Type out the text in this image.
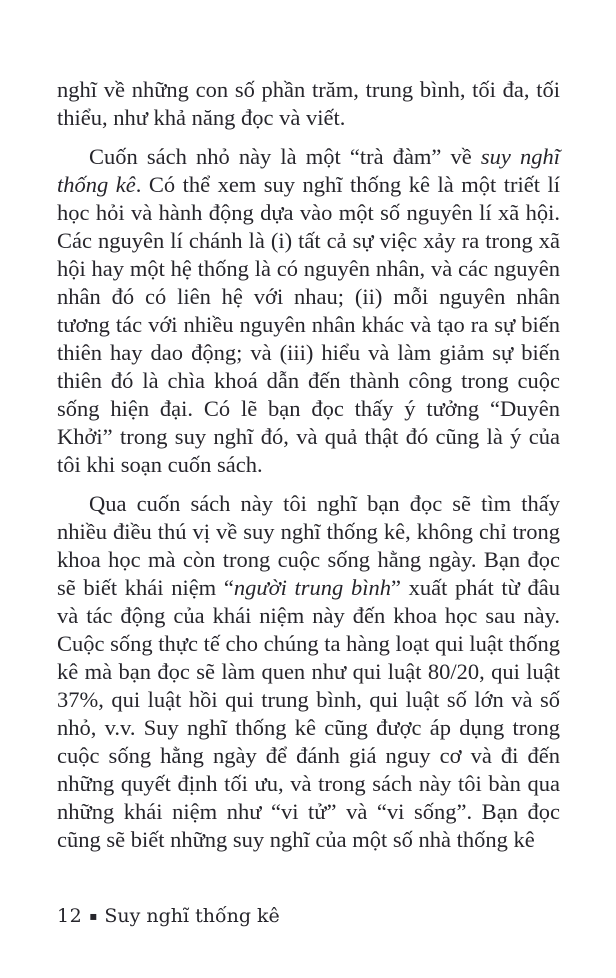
nghĩ về những con số phần trăm, trung bình, tối đa, tối thiểu, như khả năng đọc và viết.

Cuốn sách nhỏ này là một “trà đàm” về suy nghĩ thống kê. Có thể xem suy nghĩ thống kê là một triết lí học hỏi và hành động dựa vào một số nguyên lí xã hội. Các nguyên lí chánh là (i) tất cả sự việc xảy ra trong xã hội hay một hệ thống là có nguyên nhân, và các nguyên nhân đó có liên hệ với nhau; (ii) mỗi nguyên nhân tương tác với nhiều nguyên nhân khác và tạo ra sự biến thiên hay dao động; và (iii) hiểu và làm giảm sự biến thiên đó là chìa khoá dẫn đến thành công trong cuộc sống hiện đại. Có lẽ bạn đọc thấy ý tưởng “Duyên Khởi” trong suy nghĩ đó, và quả thật đó cũng là ý của tôi khi soạn cuốn sách.

Qua cuốn sách này tôi nghĩ bạn đọc sẽ tìm thấy nhiều điều thú vị về suy nghĩ thống kê, không chỉ trong khoa học mà còn trong cuộc sống hằng ngày. Bạn đọc sẽ biết khái niệm “người trung bình” xuất phát từ đâu và tác động của khái niệm này đến khoa học sau này. Cuộc sống thực tế cho chúng ta hàng loạt qui luật thống kê mà bạn đọc sẽ làm quen như qui luật 80/20, qui luật 37%, qui luật hồi qui trung bình, qui luật số lớn và số nhỏ, v.v. Suy nghĩ thống kê cũng được áp dụng trong cuộc sống hằng ngày để đánh giá nguy cơ và đi đến những quyết định tối ưu, và trong sách này tôi bàn qua những khái niệm như “vi tử” và “vi sống”. Bạn đọc cũng sẽ biết những suy nghĩ của một số nhà thống kê

12 ▪ Suy nghĩ thống kê
